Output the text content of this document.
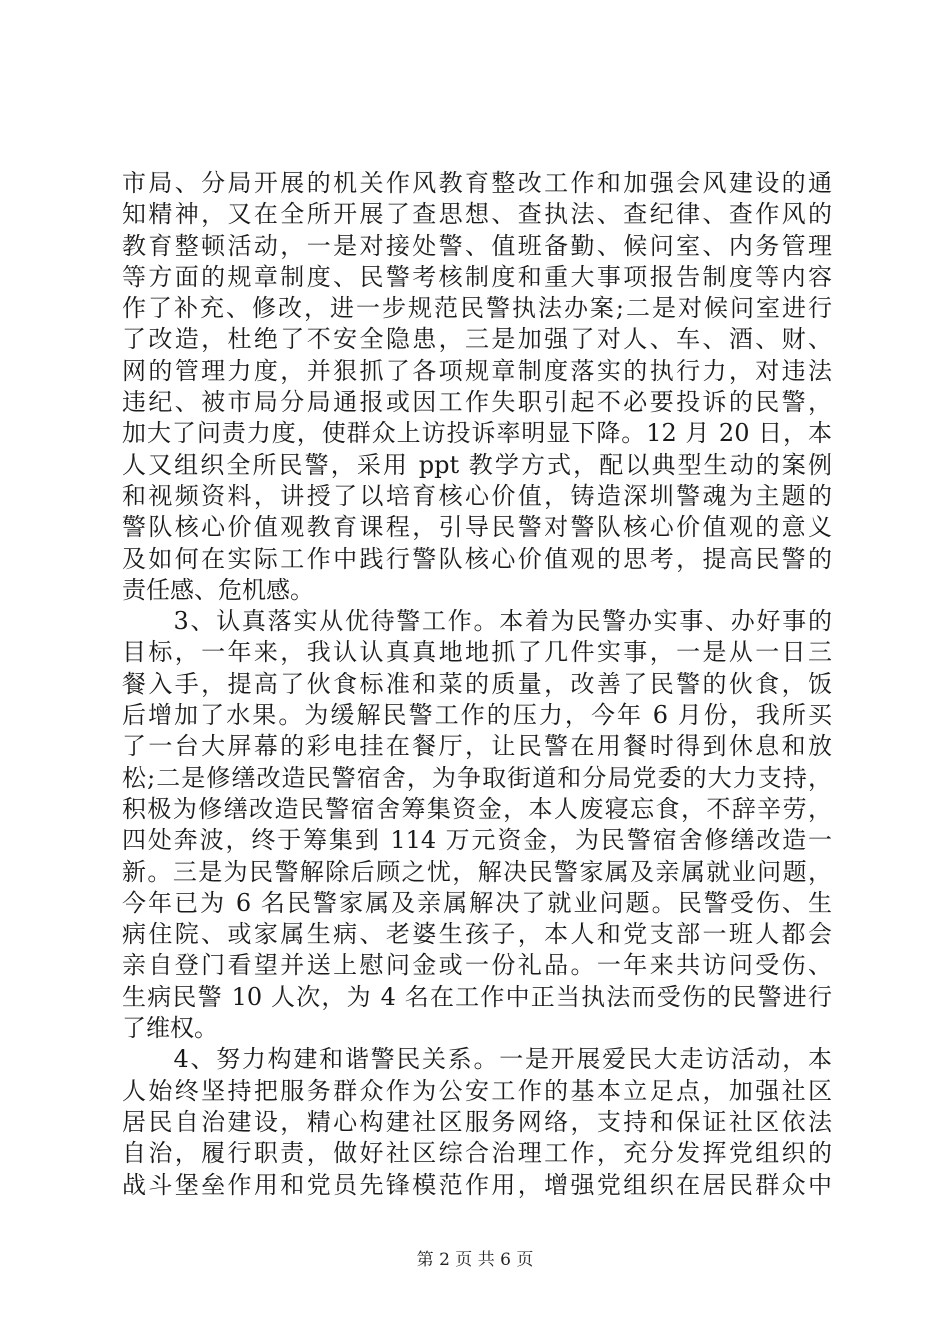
市局、分局开展的机关作风教育整改工作和加强会风建设的通
知精神，又在全所开展了查思想、查执法、查纪律、查作风的
教育整顿活动，一是对接处警、值班备勤、候问室、内务管理
等方面的规章制度、民警考核制度和重大事项报告制度等内容
作了补充、修改，进一步规范民警执法办案;二是对候问室进行
了改造，杜绝了不安全隐患，三是加强了对人、车、酒、财、
网的管理力度，并狠抓了各项规章制度落实的执行力，对违法
违纪、被市局分局通报或因工作失职引起不必要投诉的民警，
加大了问责力度，使群众上访投诉率明显下降。12 月 20 日，本
人又组织全所民警，采用 ppt 教学方式，配以典型生动的案例
和视频资料，讲授了以培育核心价值，铸造深圳警魂为主题的
警队核心价值观教育课程，引导民警对警队核心价值观的意义
及如何在实际工作中践行警队核心价值观的思考，提高民警的
责任感、危机感。
　　3、认真落实从优待警工作。本着为民警办实事、办好事的
目标，一年来，我认认真真地地抓了几件实事，一是从一日三
餐入手，提高了伙食标准和菜的质量，改善了民警的伙食，饭
后增加了水果。为缓解民警工作的压力，今年 6 月份，我所买
了一台大屏幕的彩电挂在餐厅，让民警在用餐时得到休息和放
松;二是修缮改造民警宿舍，为争取街道和分局党委的大力支持，
积极为修缮改造民警宿舍筹集资金，本人废寝忘食，不辞辛劳，
四处奔波，终于筹集到 114 万元资金，为民警宿舍修缮改造一
新。三是为民警解除后顾之忧，解决民警家属及亲属就业问题，
今年已为 6 名民警家属及亲属解决了就业问题。民警受伤、生
病住院、或家属生病、老婆生孩子，本人和党支部一班人都会
亲自登门看望并送上慰问金或一份礼品。一年来共访问受伤、
生病民警 10 人次，为 4 名在工作中正当执法而受伤的民警进行
了维权。
　　4、努力构建和谐警民关系。一是开展爱民大走访活动，本
人始终坚持把服务群众作为公安工作的基本立足点，加强社区
居民自治建设，精心构建社区服务网络，支持和保证社区依法
自治，履行职责，做好社区综合治理工作，充分发挥党组织的
战斗堡垒作用和党员先锋模范作用，增强党组织在居民群众中
第 2 页 共 6 页
